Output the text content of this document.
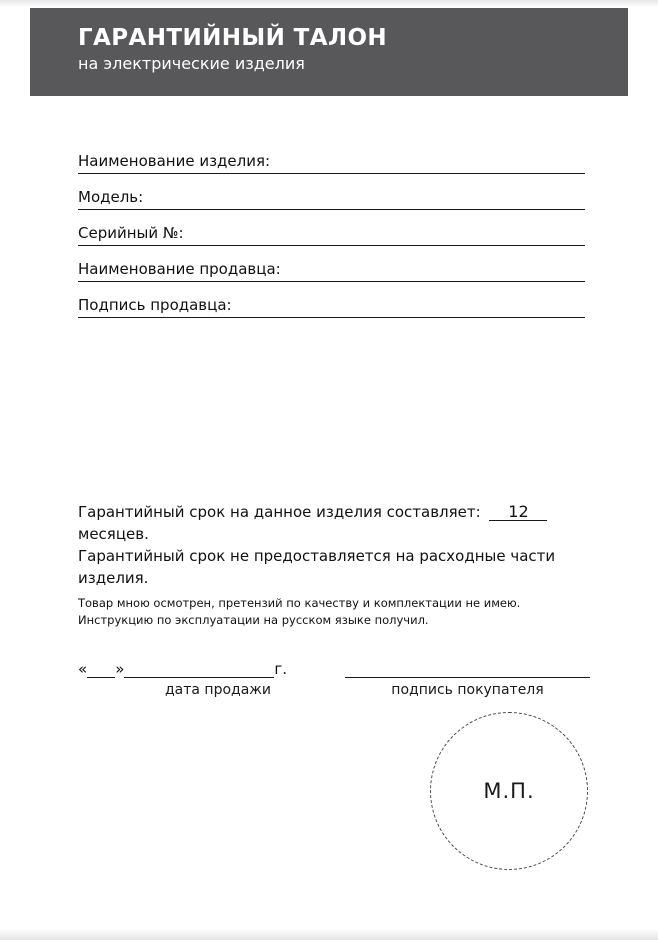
ГАРАНТИЙНЫЙ ТАЛОН
на электрические изделия
Наименование изделия:
Модель:
Серийный №:
Наименование продавца:
Подпись продавца:
Гарантийный срок на данное изделия составляет: 12 месяцев.
Гарантийный срок не предоставляется на расходные части изделия.
Товар мною осмотрен, претензий по качеству и комплектации не имею.
Инструкцию по эксплуатации на русском языке получил.
« »	г.
дата продажи	подпись покупателя
М.П.
